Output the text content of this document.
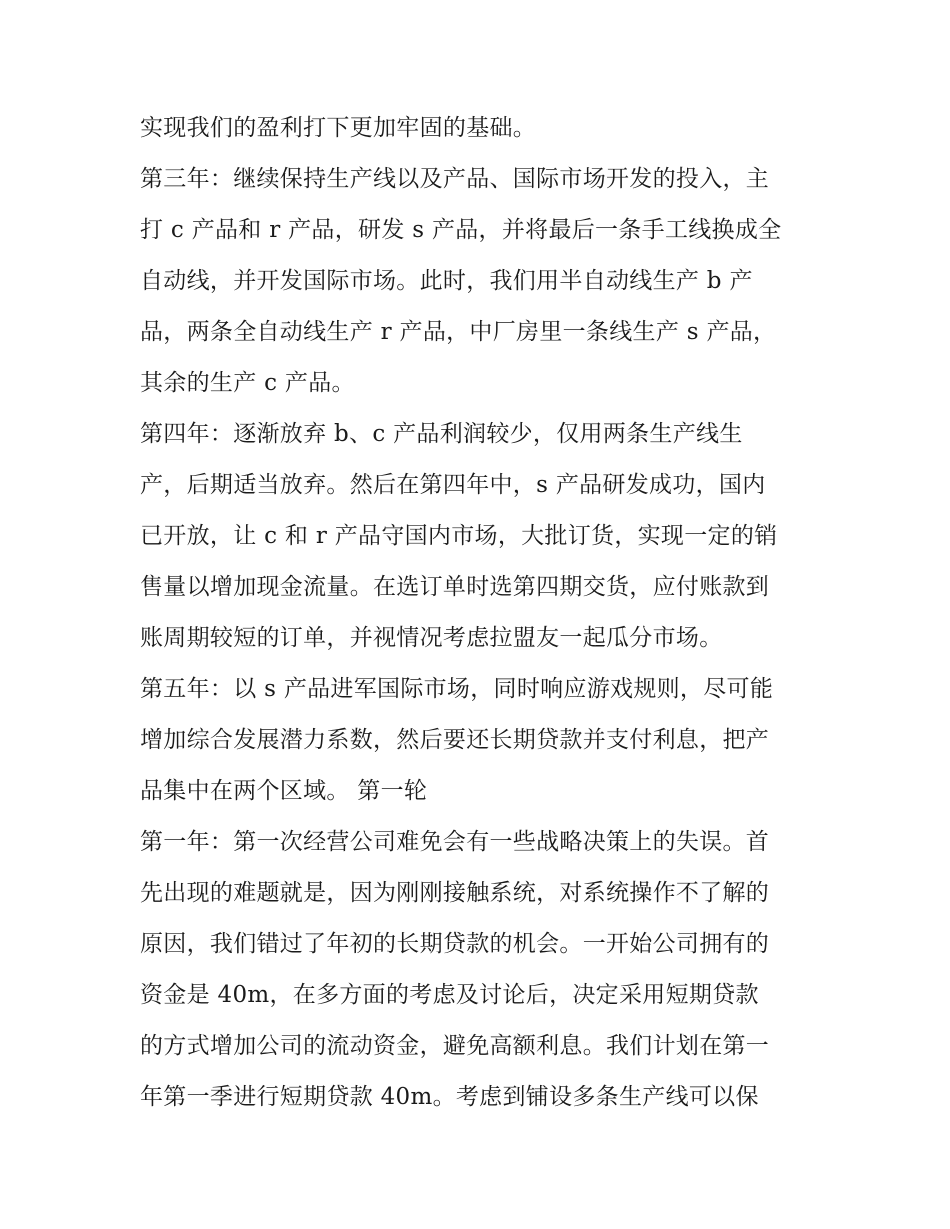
实现我们的盈利打下更加牢固的基础。
第三年：继续保持生产线以及产品、国际市场开发的投入，主
打 c 产品和 r 产品，研发 s 产品，并将最后一条手工线换成全
自动线，并开发国际市场。此时，我们用半自动线生产 b 产
品，两条全自动线生产 r 产品，中厂房里一条线生产 s 产品，
其余的生产 c 产品。
第四年：逐渐放弃 b、c 产品利润较少，仅用两条生产线生
产，后期适当放弃。然后在第四年中，s 产品研发成功，国内
已开放，让 c 和 r 产品守国内市场，大批订货，实现一定的销
售量以增加现金流量。在选订单时选第四期交货，应付账款到
账周期较短的订单，并视情况考虑拉盟友一起瓜分市场。
第五年：以 s 产品进军国际市场，同时响应游戏规则，尽可能
增加综合发展潜力系数，然后要还长期贷款并支付利息，把产
品集中在两个区域。 第一轮
第一年：第一次经营公司难免会有一些战略决策上的失误。首
先出现的难题就是，因为刚刚接触系统，对系统操作不了解的
原因，我们错过了年初的长期贷款的机会。一开始公司拥有的
资金是 40m，在多方面的考虑及讨论后，决定采用短期贷款
的方式增加公司的流动资金，避免高额利息。我们计划在第一
年第一季进行短期贷款 40m。考虑到铺设多条生产线可以保
